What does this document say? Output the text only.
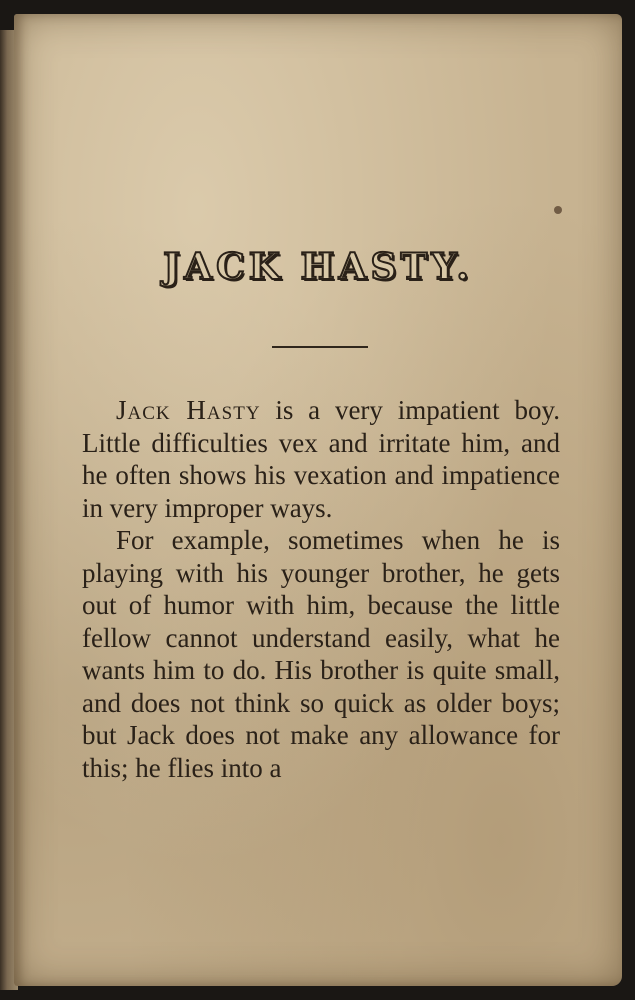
JACK HASTY.

Jack Hasty is a very impatient boy. Little difficulties vex and irritate him, and he often shows his vexation and impatience in very improper ways.

For example, sometimes when he is playing with his younger brother, he gets out of humor with him, because the little fellow cannot understand easily, what he wants him to do. His brother is quite small, and does not think so quick as older boys; but Jack does not make any allowance for this; he flies into a
